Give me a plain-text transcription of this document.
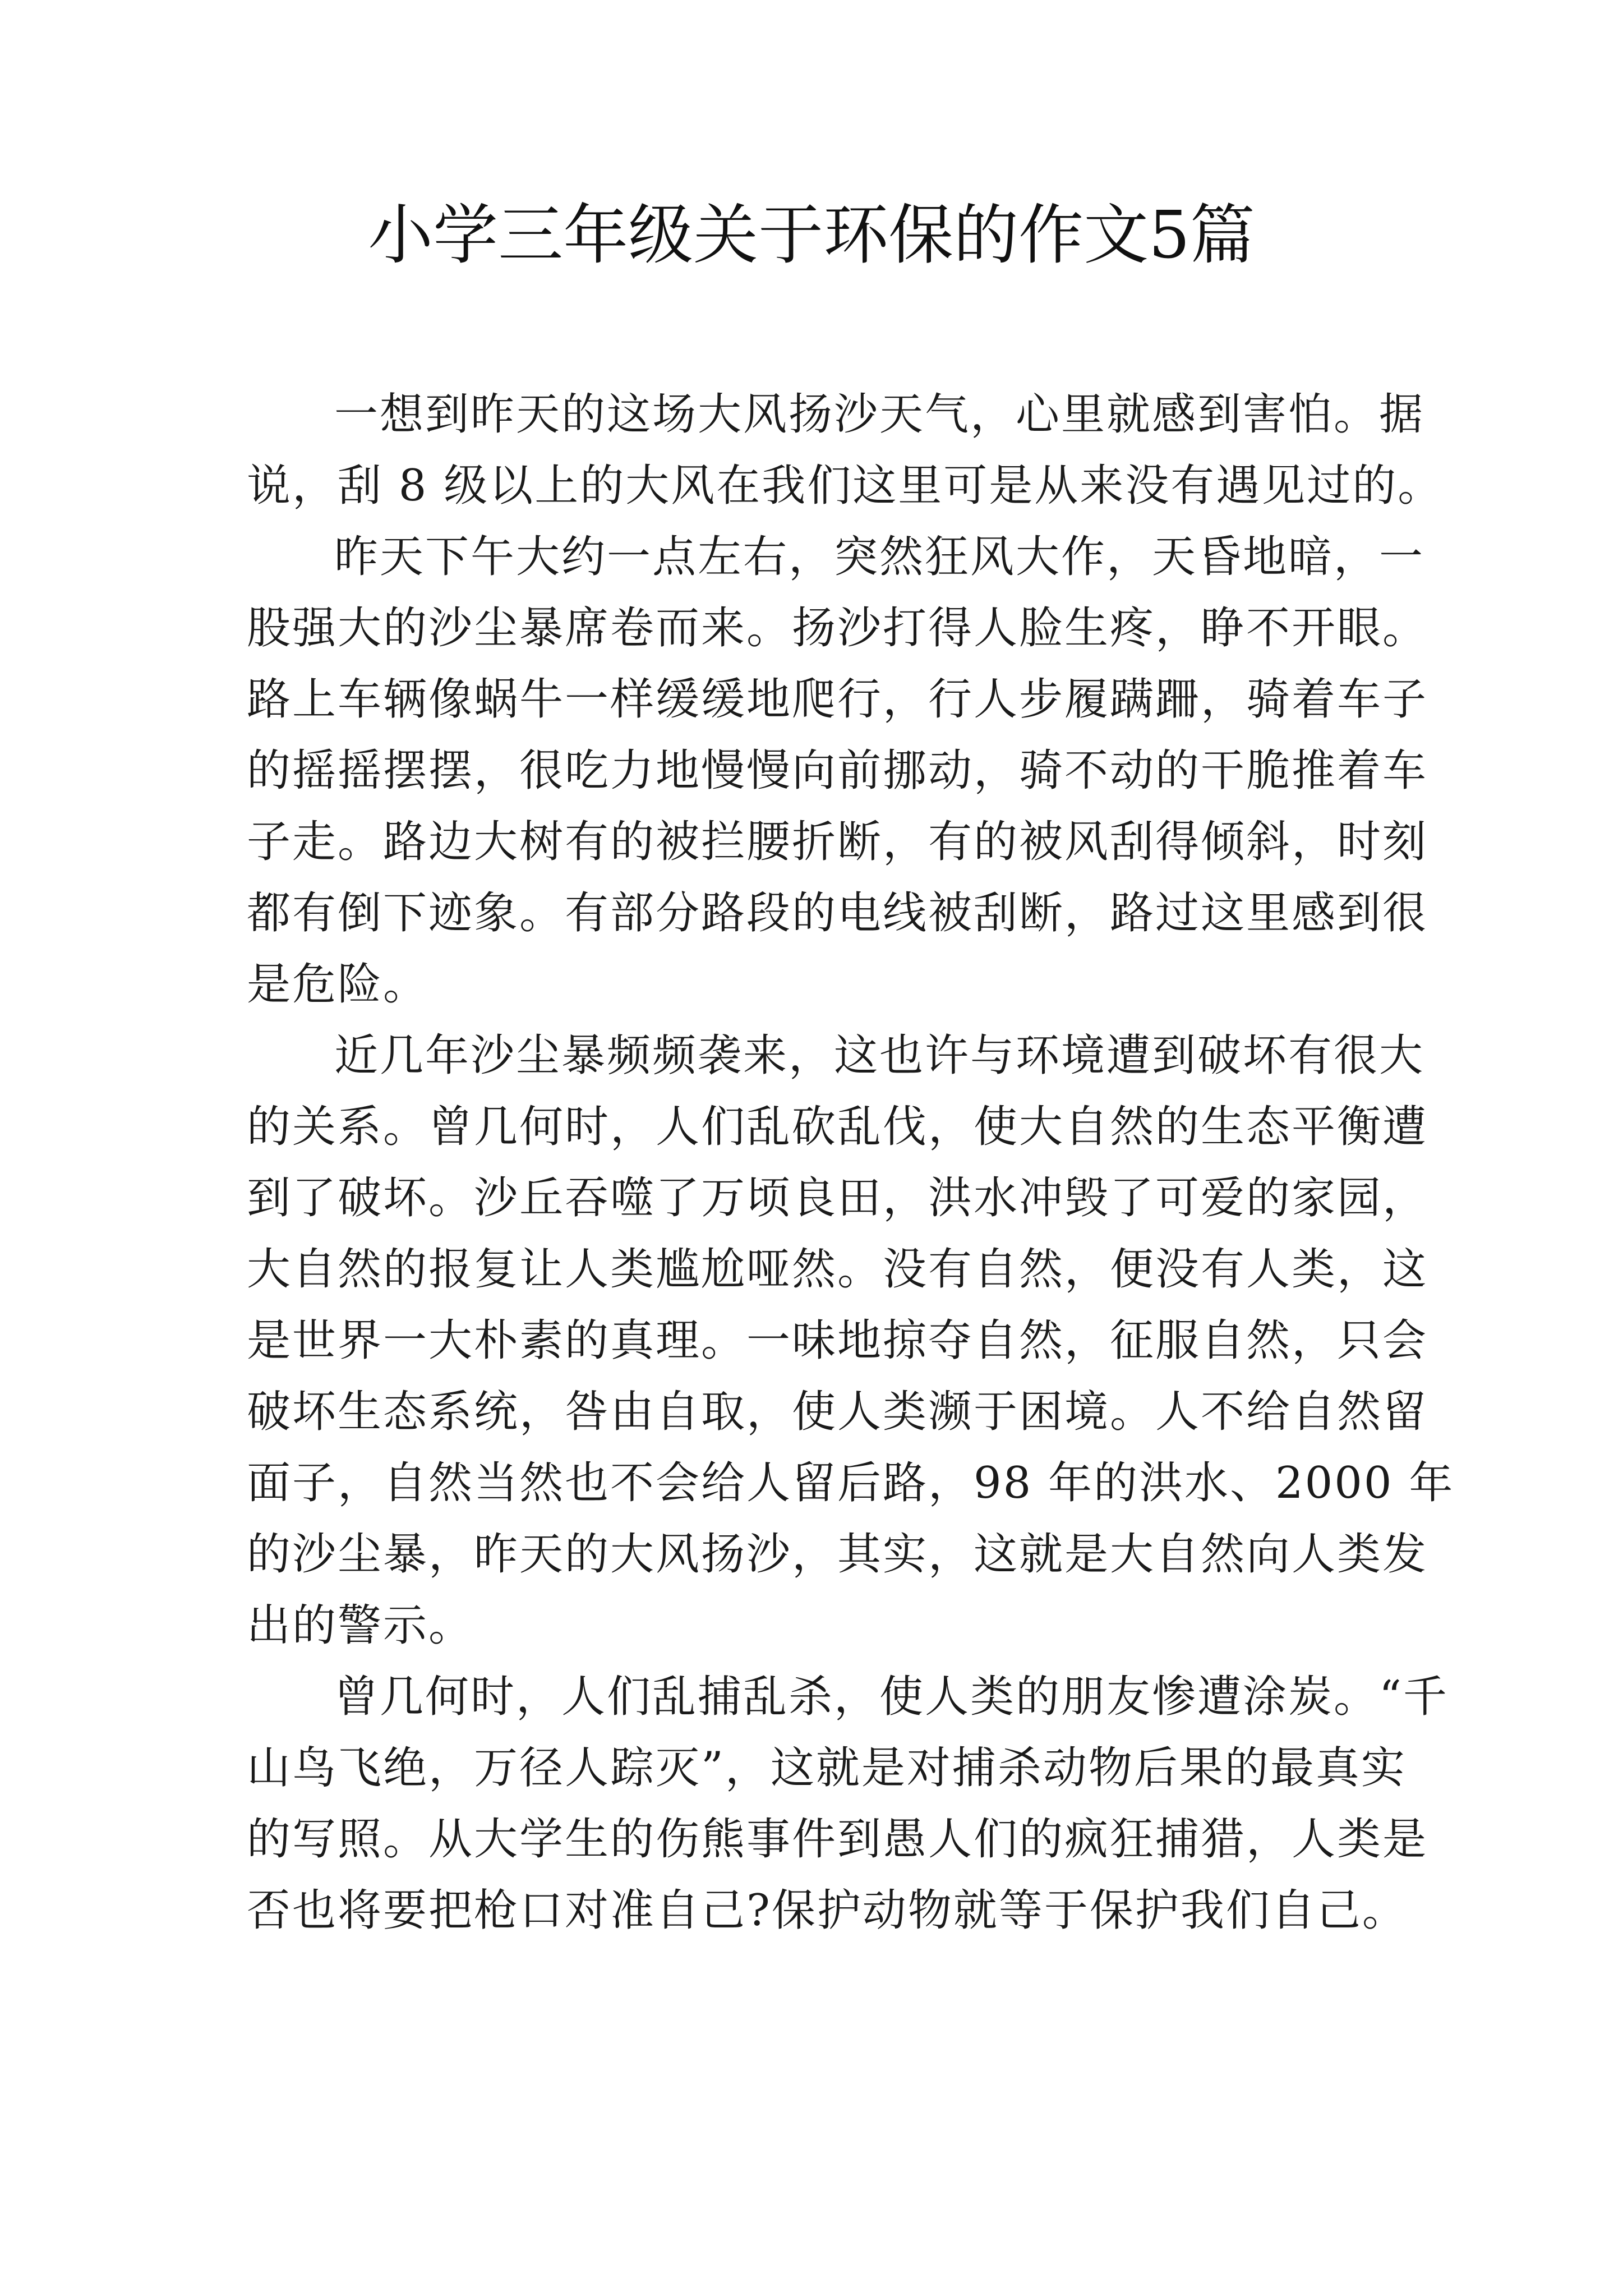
小学三年级关于环保的作文5篇
一想到昨天的这场大风扬沙天气，心里就感到害怕。据
说，刮 8 级以上的大风在我们这里可是从来没有遇见过的。
昨天下午大约一点左右，突然狂风大作，天昏地暗，一
股强大的沙尘暴席卷而来。扬沙打得人脸生疼，睁不开眼。
路上车辆像蜗牛一样缓缓地爬行，行人步履蹒跚，骑着车子
的摇摇摆摆，很吃力地慢慢向前挪动，骑不动的干脆推着车
子走。路边大树有的被拦腰折断，有的被风刮得倾斜，时刻
都有倒下迹象。有部分路段的电线被刮断，路过这里感到很
是危险。
近几年沙尘暴频频袭来，这也许与环境遭到破坏有很大
的关系。曾几何时，人们乱砍乱伐，使大自然的生态平衡遭
到了破坏。沙丘吞噬了万顷良田，洪水冲毁了可爱的家园，
大自然的报复让人类尴尬哑然。没有自然，便没有人类，这
是世界一大朴素的真理。一味地掠夺自然，征服自然，只会
破坏生态系统，咎由自取，使人类濒于困境。人不给自然留
面子，自然当然也不会给人留后路，98 年的洪水、2000 年
的沙尘暴，昨天的大风扬沙，其实，这就是大自然向人类发
出的警示。
曾几何时，人们乱捕乱杀，使人类的朋友惨遭涂炭。“千
山鸟飞绝，万径人踪灭”，这就是对捕杀动物后果的最真实
的写照。从大学生的伤熊事件到愚人们的疯狂捕猎，人类是
否也将要把枪口对准自己?保护动物就等于保护我们自己。
